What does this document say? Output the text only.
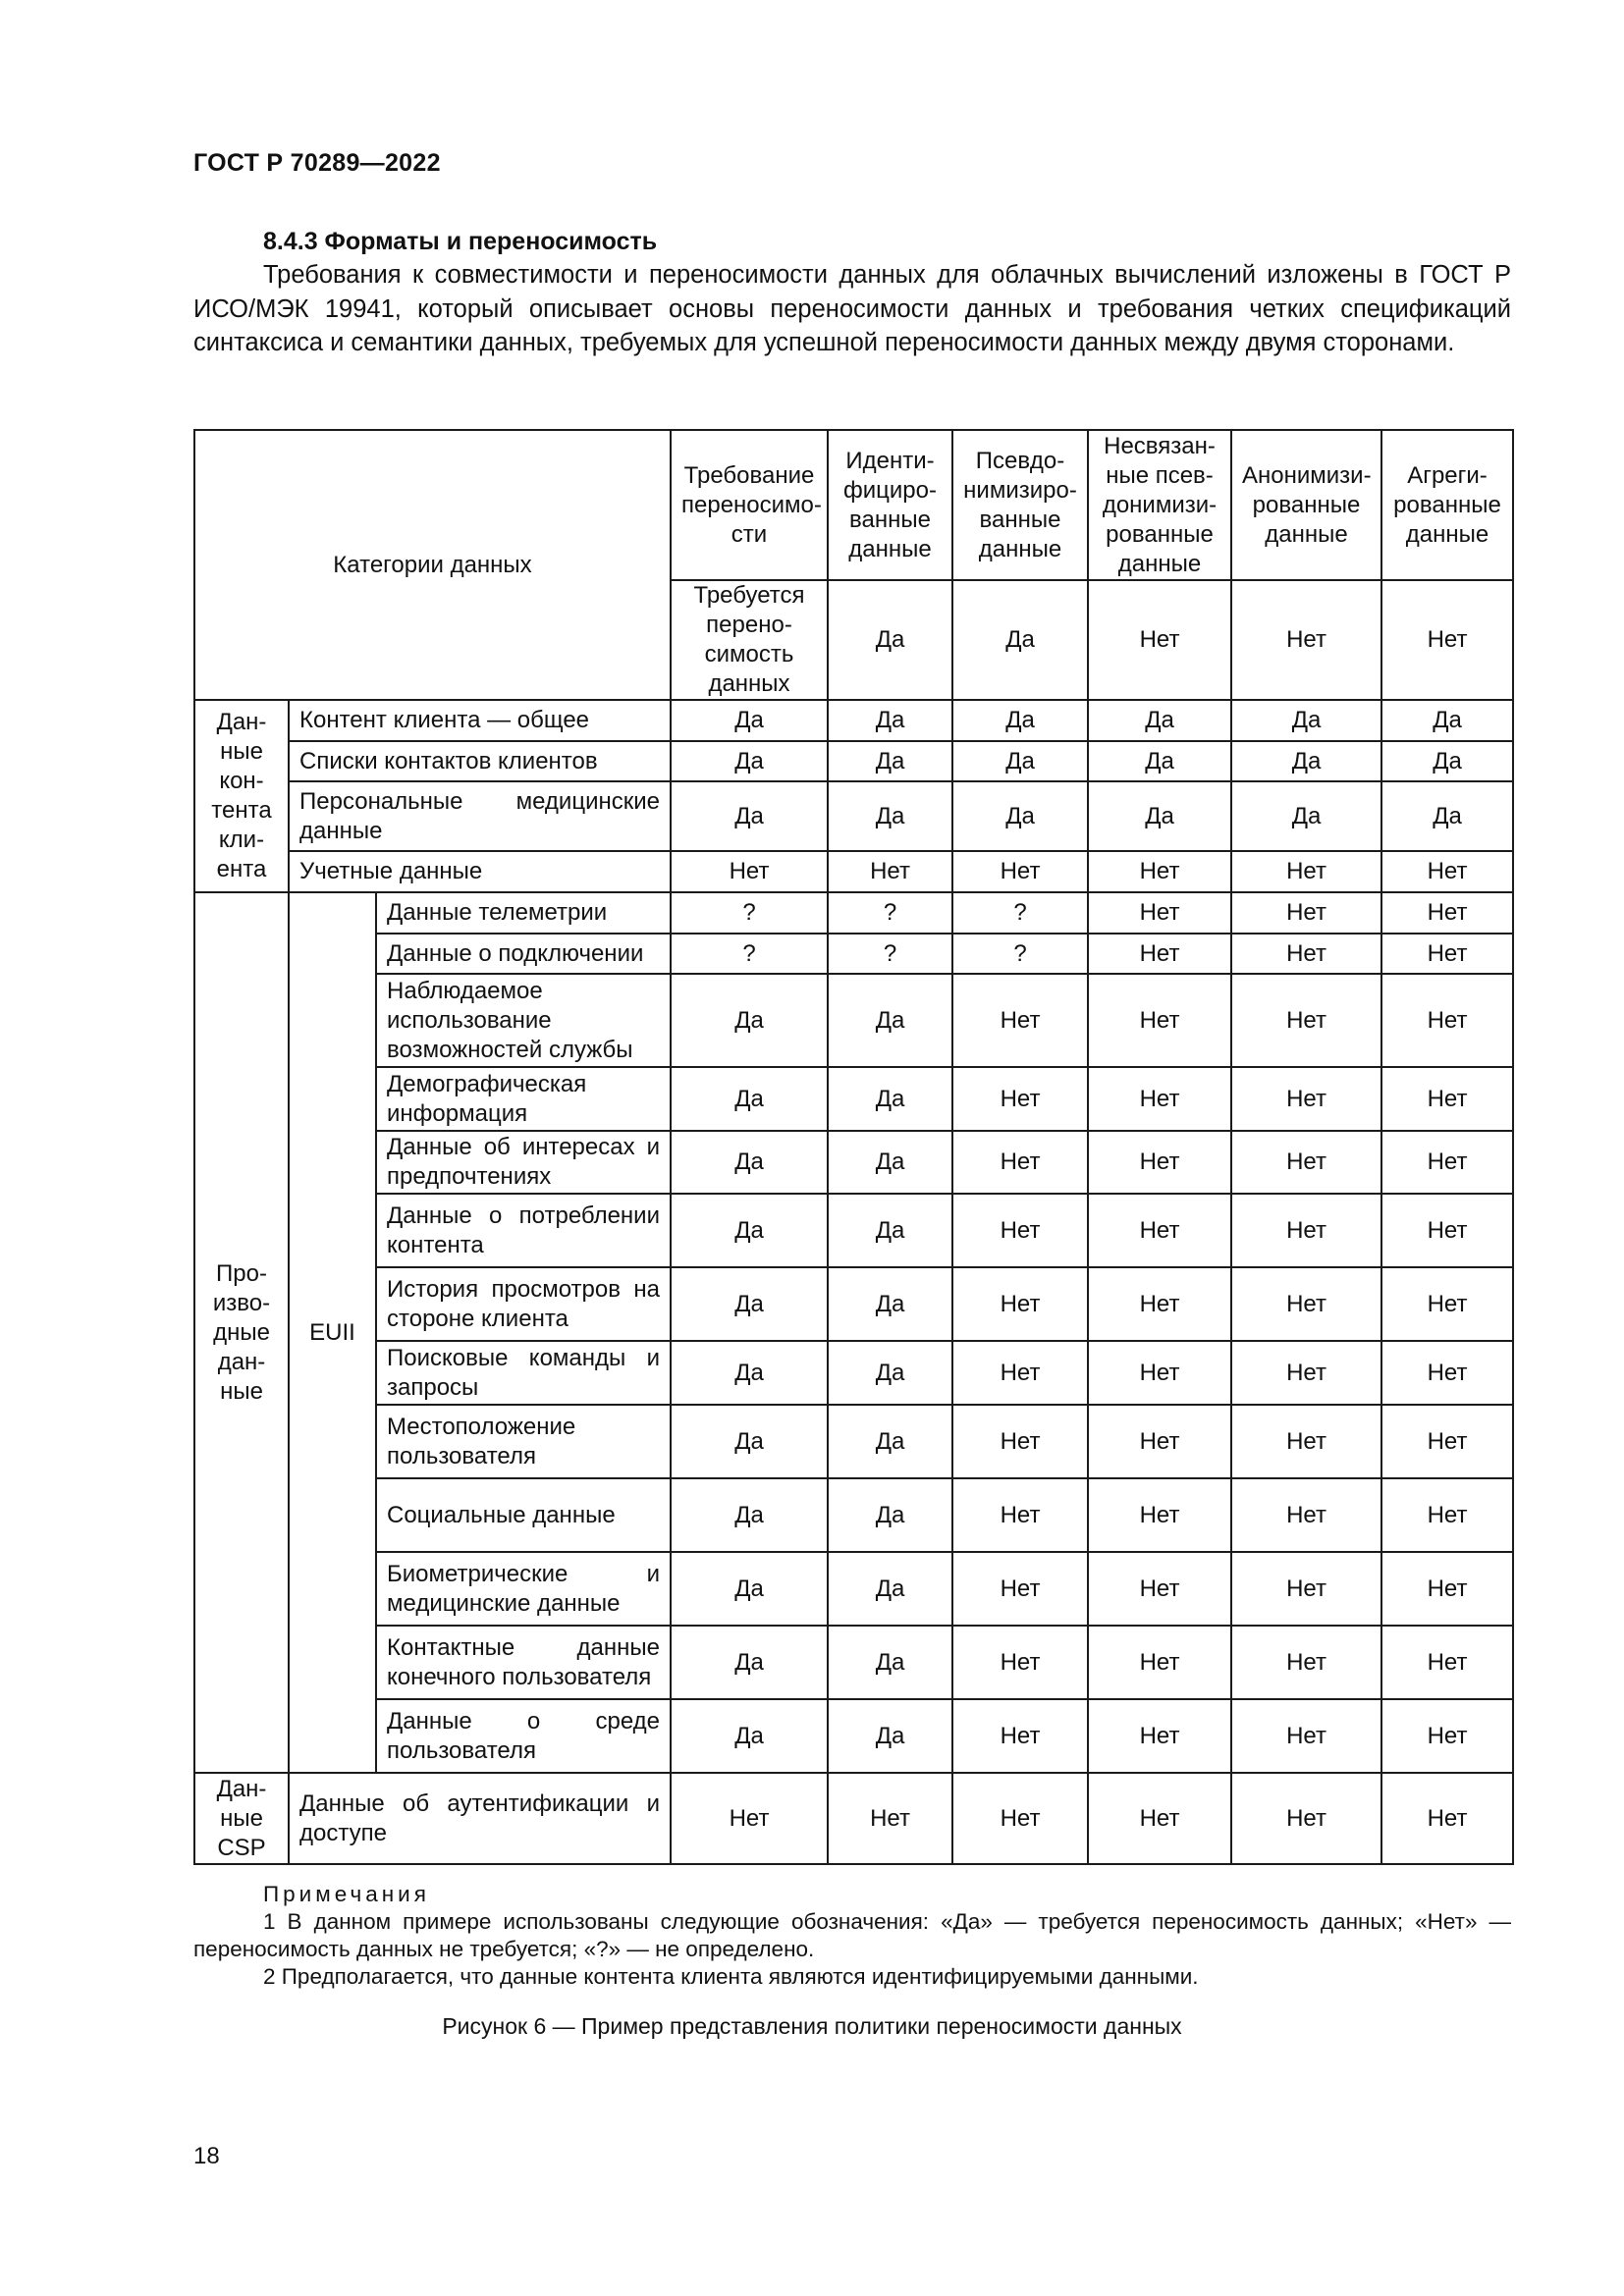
ГОСТ Р 70289—2022
8.4.3 Форматы и переносимость
Требования к совместимости и переносимости данных для облачных вычислений изложены в ГОСТ Р ИСО/МЭК 19941, который описывает основы переносимости данных и требования четких спецификаций синтаксиса и семантики данных, требуемых для успешной переносимости данных между двумя сторонами.
Категории данных			Требование переносимо-сти	Иденти-фициро-ванные данные	Псевдо-нимизиро-ванные данные	Несвязан-ные псев-донимизи-рованные данные	Анонимизи-рованные данные	Агреги-рованные данные
			Требуется перено-симость данных	Да	Да	Нет	Нет	Нет
Дан-ные кон-тента кли-ента	Контент клиента — общее		Да	Да	Да	Да	Да	Да
	Списки контактов клиентов		Да	Да	Да	Да	Да	Да
	Персональные медицинские данные		Да	Да	Да	Да	Да	Да
	Учетные данные		Нет	Нет	Нет	Нет	Нет	Нет
Про-изво-дные дан-ные	EUII	Данные телеметрии	?	?	?	Нет	Нет	Нет
		Данные о подключении	?	?	?	Нет	Нет	Нет
		Наблюдаемое использование возможностей службы	Да	Да	Нет	Нет	Нет	Нет
		Демографическая информация	Да	Да	Нет	Нет	Нет	Нет
		Данные об интересах и предпочтениях	Да	Да	Нет	Нет	Нет	Нет
		Данные о потреблении контента	Да	Да	Нет	Нет	Нет	Нет
		История просмотров на стороне клиента	Да	Да	Нет	Нет	Нет	Нет
		Поисковые команды и запросы	Да	Да	Нет	Нет	Нет	Нет
		Местоположение пользователя	Да	Да	Нет	Нет	Нет	Нет
		Социальные данные	Да	Да	Нет	Нет	Нет	Нет
		Биометрические и медицинские данные	Да	Да	Нет	Нет	Нет	Нет
		Контактные данные конечного пользователя	Да	Да	Нет	Нет	Нет	Нет
		Данные о среде пользователя	Да	Да	Нет	Нет	Нет	Нет
Дан-ные CSP	Данные об аутентификации и доступе		Нет	Нет	Нет	Нет	Нет	Нет
Примечания
1 В данном примере использованы следующие обозначения: «Да» — требуется переносимость данных; «Нет» — переносимость данных не требуется; «?» — не определено.
2 Предполагается, что данные контента клиента являются идентифицируемыми данными.
Рисунок 6 — Пример представления политики переносимости данных
18
